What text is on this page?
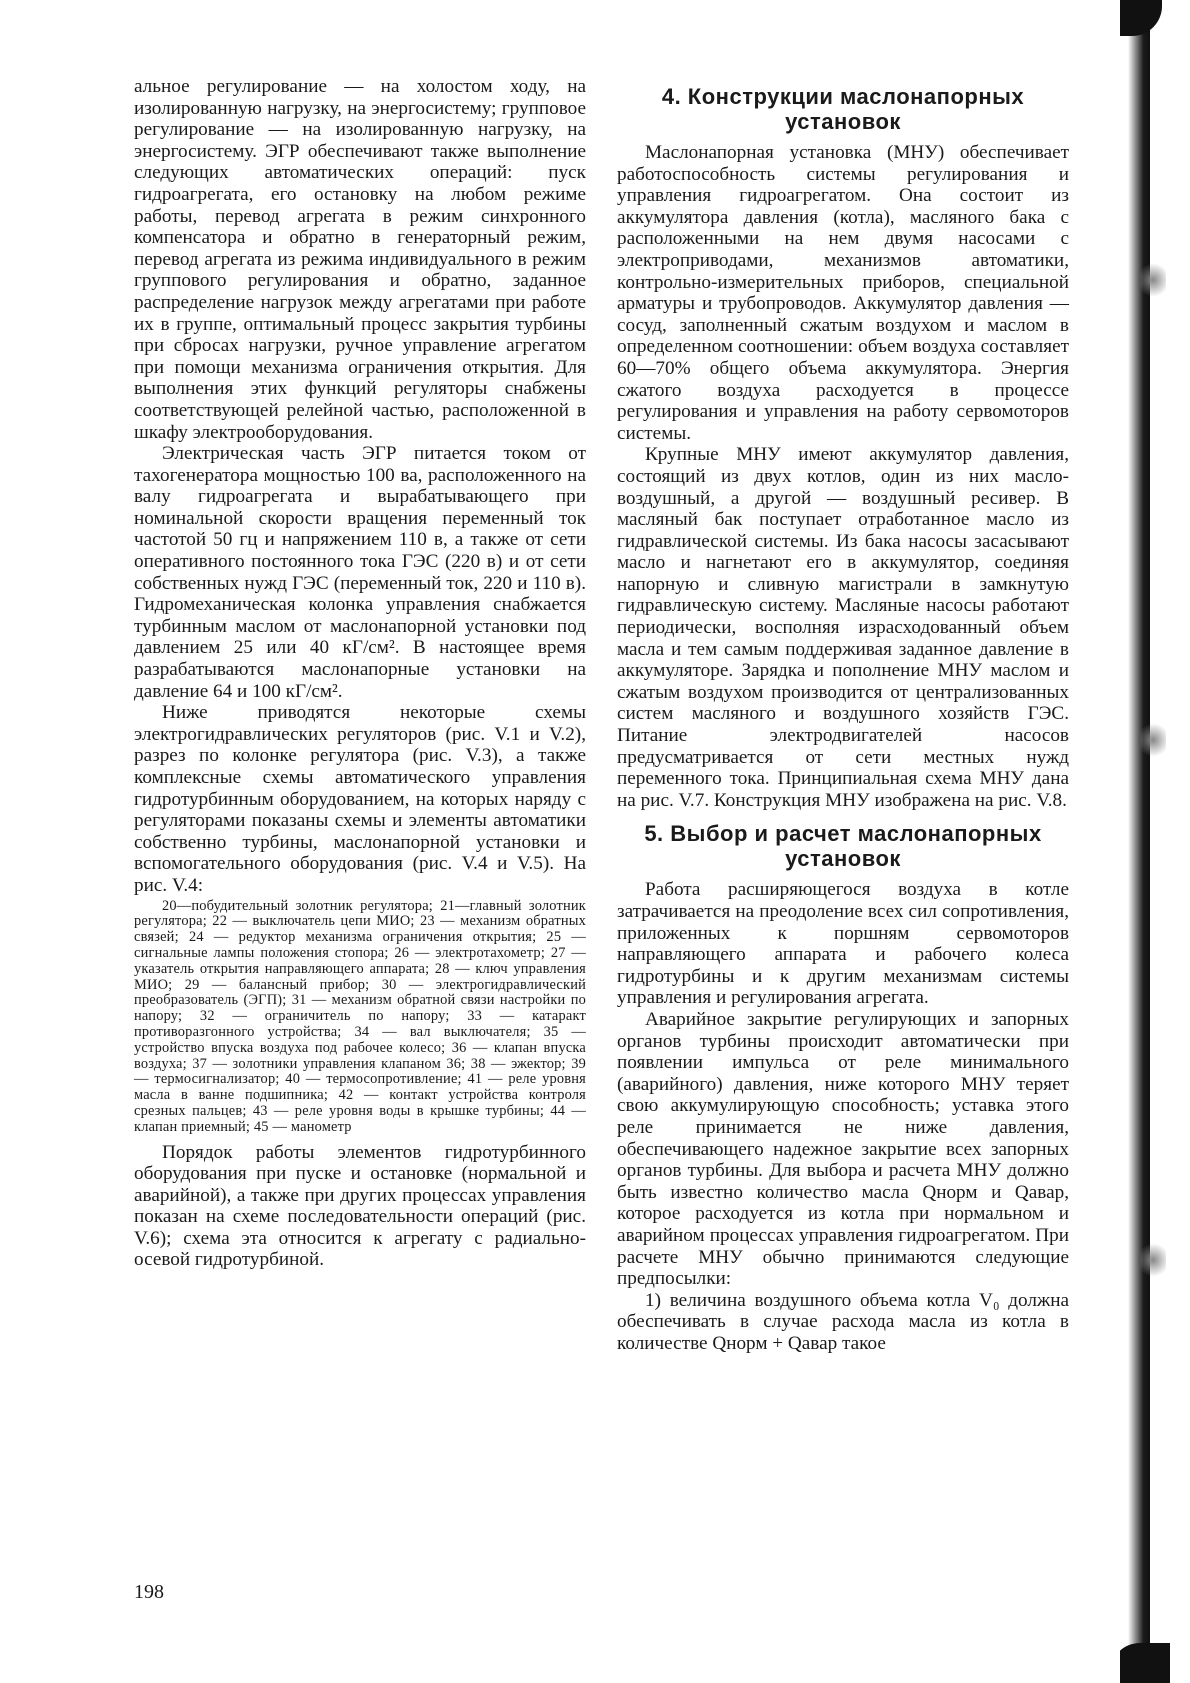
альное регулирование — на холостом ходу, на изолированную нагрузку, на энергосистему; групповое регулирование — на изолированную нагрузку, на энергосистему. ЭГР обеспечивают также выполнение следующих автоматических операций: пуск гидроагрегата, его остановку на любом режиме работы, перевод агрегата в режим синхронного компенсатора и обратно в генераторный режим, перевод агрегата из режима индивидуального в режим группового регулирования и обратно, заданное распределение нагрузок между агрегатами при работе их в группе, оптимальный процесс закрытия турбины при сбросах нагрузки, ручное управление агрегатом при помощи механизма ограничения открытия. Для выполнения этих функций регуляторы снабжены соответствующей релейной частью, расположенной в шкафу электрооборудования.

Электрическая часть ЭГР питается током от тахогенератора мощностью 100 ва, расположенного на валу гидроагрегата и вырабатывающего при номинальной скорости вращения переменный ток частотой 50 гц и напряжением 110 в, а также от сети оперативного постоянного тока ГЭС (220 в) и от сети собственных нужд ГЭС (переменный ток, 220 и 110 в). Гидромеханическая колонка управления снабжается турбинным маслом от маслонапорной установки под давлением 25 или 40 кГ/см². В настоящее время разрабатываются маслонапорные установки на давление 64 и 100 кГ/см².

Ниже приводятся некоторые схемы электрогидравлических регуляторов (рис. V.1 и V.2), разрез по колонке регулятора (рис. V.3), а также комплексные схемы автоматического управления гидротурбинным оборудованием, на которых наряду с регуляторами показаны схемы и элементы автоматики собственно турбины, маслонапорной установки и вспомогательного оборудования (рис. V.4 и V.5). На рис. V.4:

20—побудительный золотник регулятора; 21—главный золотник регулятора; 22 — выключатель цепи МИО; 23 — механизм обратных связей; 24 — редуктор механизма ограничения открытия; 25 — сигнальные лампы положения стопора; 26 — электротахометр; 27 — указатель открытия направляющего аппарата; 28 — ключ управления МИО; 29 — балансный прибор; 30 — электрогидравлический преобразователь (ЭГП); 31 — механизм обратной связи настройки по напору; 32 — ограничитель по напору; 33 — катаракт противоразгонного устройства; 34 — вал выключателя; 35 — устройство впуска воздуха под рабочее колесо; 36 — клапан впуска воздуха; 37 — золотники управления клапаном 36; 38 — эжектор; 39 — термосигнализатор; 40 — термосопротивление; 41 — реле уровня масла в ванне подшипника; 42 — контакт устройства контроля срезных пальцев; 43 — реле уровня воды в крышке турбины; 44 — клапан приемный; 45 — манометр

Порядок работы элементов гидротурбинного оборудования при пуске и остановке (нормальной и аварийной), а также при других процессах управления показан на схеме последовательности операций (рис. V.6); схема эта относится к агрегату с радиально-осевой гидротурбиной.

4. Конструкции маслонапорных установок

Маслонапорная установка (МНУ) обеспечивает работоспособность системы регулирования и управления гидроагрегатом. Она состоит из аккумулятора давления (котла), масляного бака с расположенными на нем двумя насосами с электроприводами, механизмов автоматики, контрольно-измерительных приборов, специальной арматуры и трубопроводов. Аккумулятор давления — сосуд, заполненный сжатым воздухом и маслом в определенном соотношении: объем воздуха составляет 60—70% общего объема аккумулятора. Энергия сжатого воздуха расходуется в процессе регулирования и управления на работу сервомоторов системы.

Крупные МНУ имеют аккумулятор давления, состоящий из двух котлов, один из них масло-воздушный, а другой — воздушный ресивер. В масляный бак поступает отработанное масло из гидравлической системы. Из бака насосы засасывают масло и нагнетают его в аккумулятор, соединяя напорную и сливную магистрали в замкнутую гидравлическую систему. Масляные насосы работают периодически, восполняя израсходованный объем масла и тем самым поддерживая заданное давление в аккумуляторе. Зарядка и пополнение МНУ маслом и сжатым воздухом производится от централизованных систем масляного и воздушного хозяйств ГЭС. Питание электродвигателей насосов предусматривается от сети местных нужд переменного тока. Принципиальная схема МНУ дана на рис. V.7. Конструкция МНУ изображена на рис. V.8.

5. Выбор и расчет маслонапорных установок

Работа расширяющегося воздуха в котле затрачивается на преодоление всех сил сопротивления, приложенных к поршням сервомоторов направляющего аппарата и рабочего колеса гидротурбины и к другим механизмам системы управления и регулирования агрегата.

Аварийное закрытие регулирующих и запорных органов турбины происходит автоматически при появлении импульса от реле минимального (аварийного) давления, ниже которого МНУ теряет свою аккумулирующую способность; уставка этого реле принимается не ниже давления, обеспечивающего надежное закрытие всех запорных органов турбины. Для выбора и расчета МНУ должно быть известно количество масла Qнорм и Qавар, которое расходуется из котла при нормальном и аварийном процессах управления гидроагрегатом. При расчете МНУ обычно принимаются следующие предпосылки:

1) величина воздушного объема котла V₀ должна обеспечивать в случае расхода масла из котла в количестве Qнорм + Qавар такое

198
